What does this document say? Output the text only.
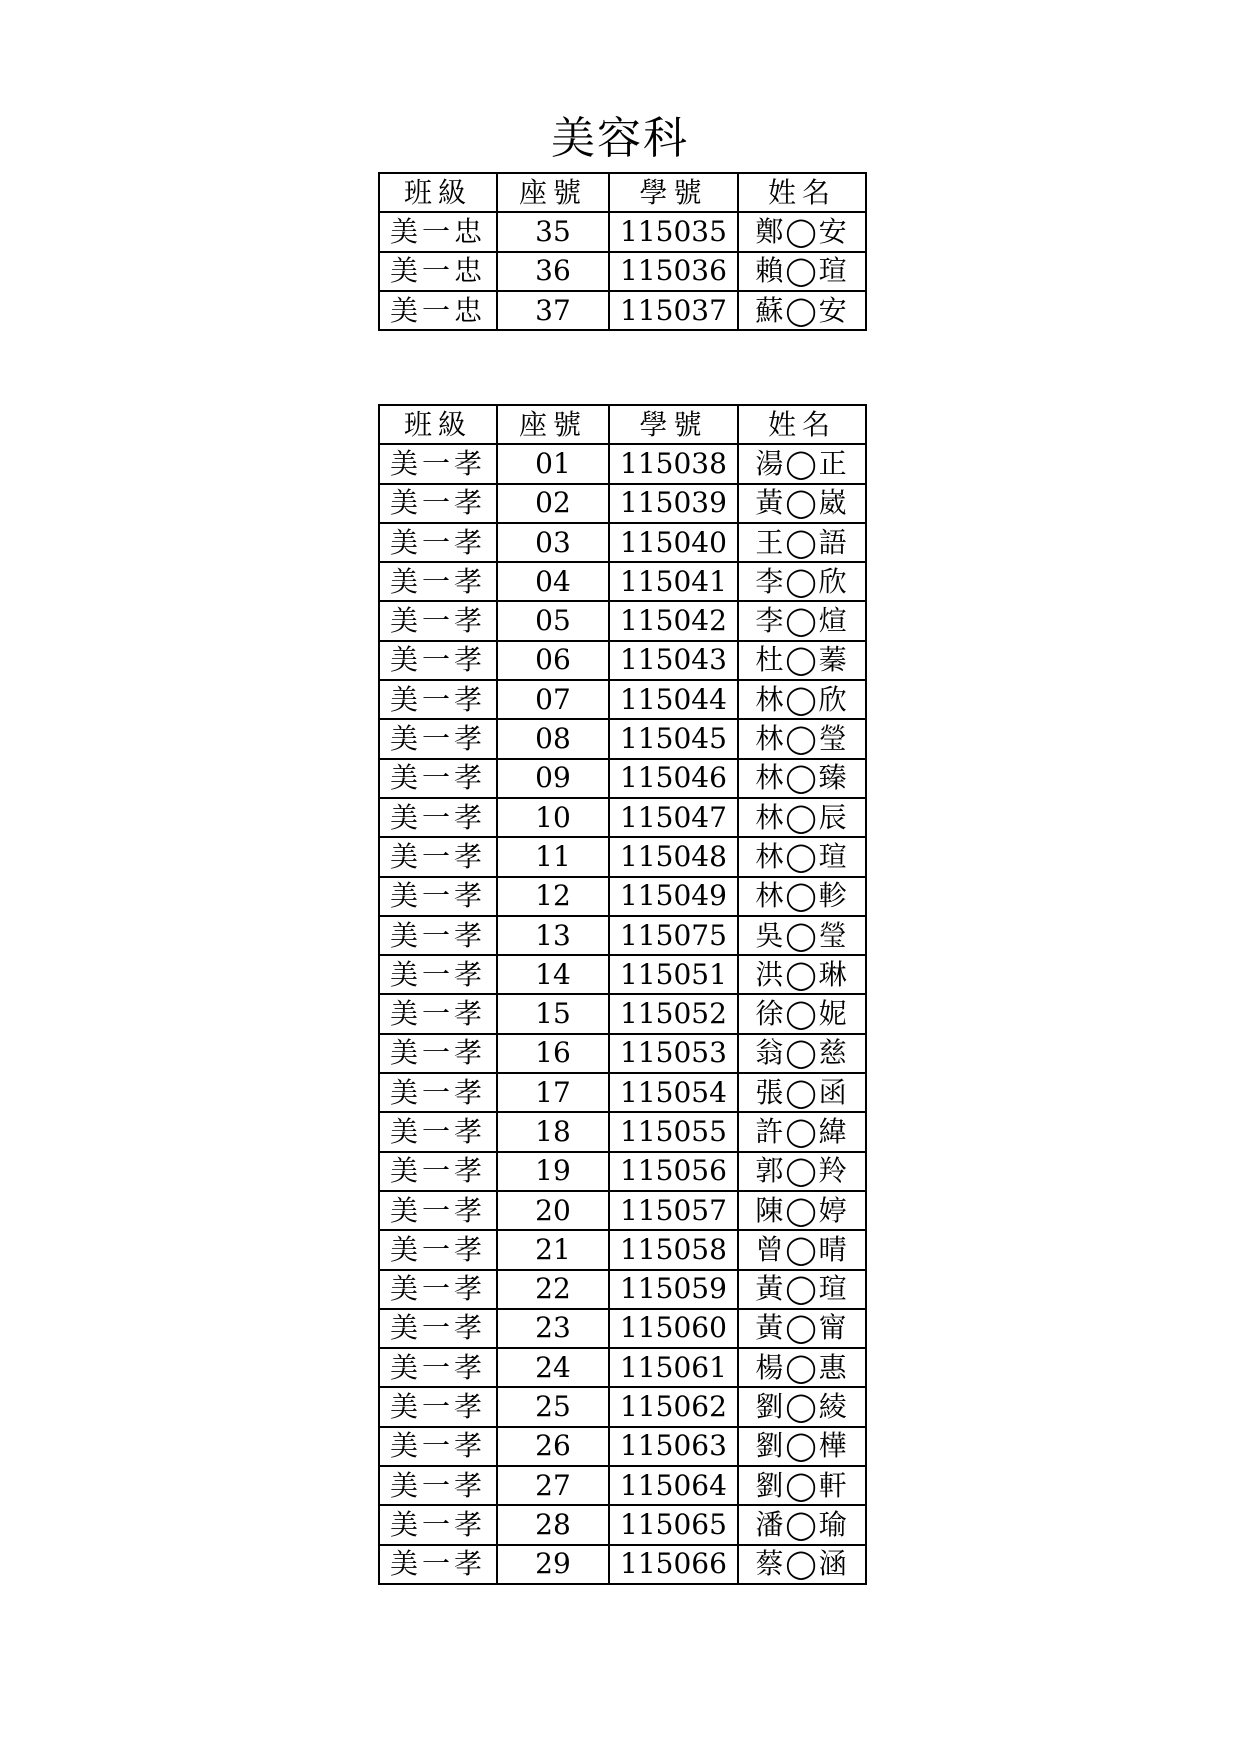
美容科
班級	座號	學號	姓名
美一忠	35	115035	鄭◯安
美一忠	36	115036	賴◯瑄
美一忠	37	115037	蘇◯安
班級	座號	學號	姓名
美一孝	01	115038	湯◯正
美一孝	02	115039	黃◯崴
美一孝	03	115040	王◯語
美一孝	04	115041	李◯欣
美一孝	05	115042	李◯煊
美一孝	06	115043	杜◯蓁
美一孝	07	115044	林◯欣
美一孝	08	115045	林◯瑩
美一孝	09	115046	林◯臻
美一孝	10	115047	林◯辰
美一孝	11	115048	林◯瑄
美一孝	12	115049	林◯軫
美一孝	13	115075	吳◯瑩
美一孝	14	115051	洪◯琳
美一孝	15	115052	徐◯妮
美一孝	16	115053	翁◯慈
美一孝	17	115054	張◯函
美一孝	18	115055	許◯緯
美一孝	19	115056	郭◯羚
美一孝	20	115057	陳◯婷
美一孝	21	115058	曾◯晴
美一孝	22	115059	黃◯瑄
美一孝	23	115060	黃◯甯
美一孝	24	115061	楊◯惠
美一孝	25	115062	劉◯綾
美一孝	26	115063	劉◯樺
美一孝	27	115064	劉◯軒
美一孝	28	115065	潘◯瑜
美一孝	29	115066	蔡◯涵
